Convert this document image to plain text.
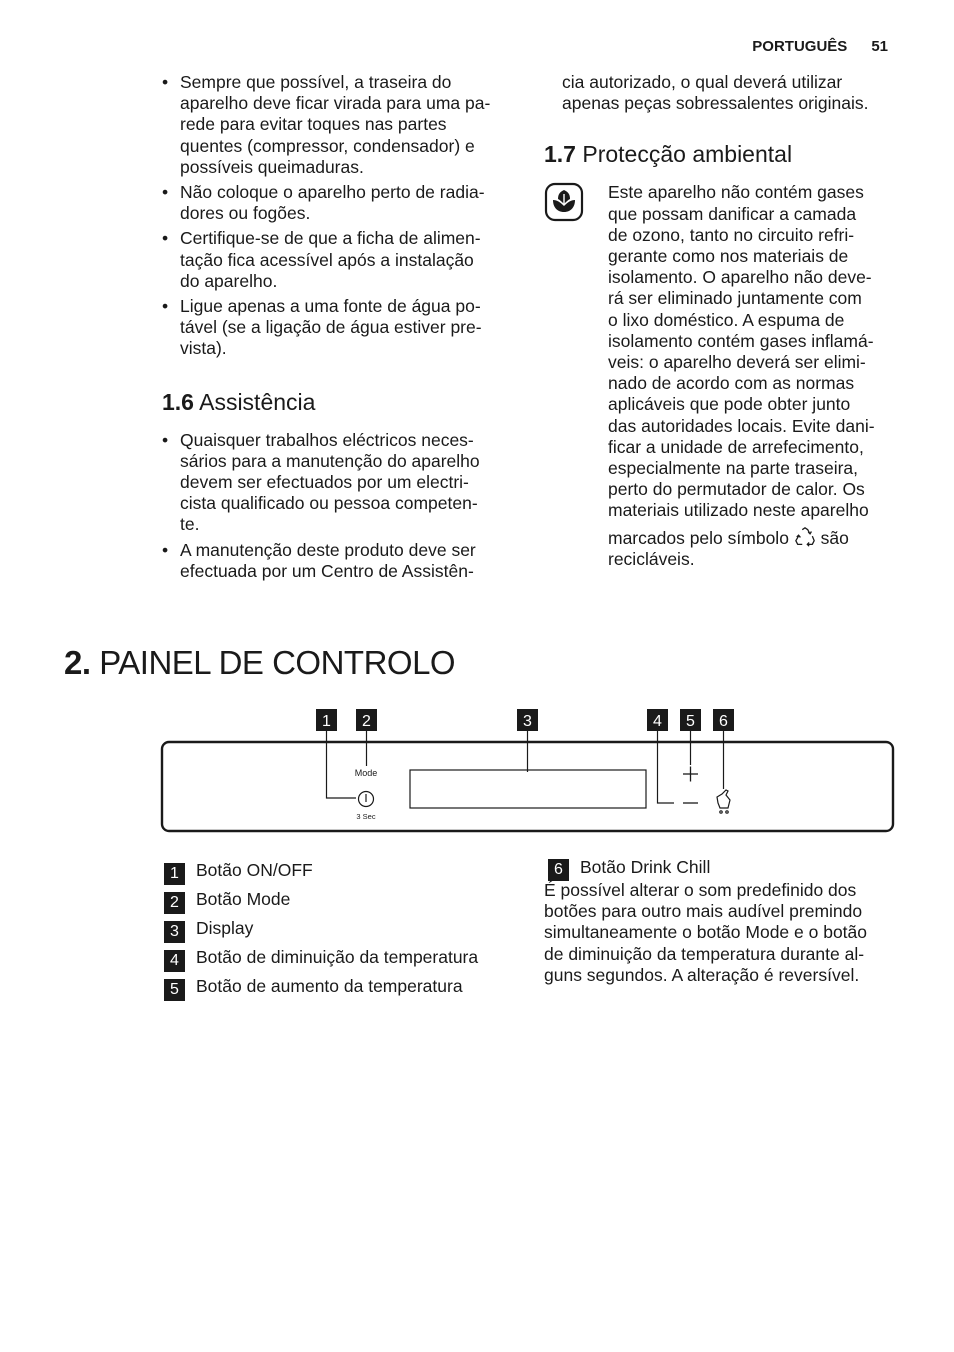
PORTUGUÊS 51
• Sempre que possível, a traseira do
aparelho deve ficar virada para uma pa-
rede para evitar toques nas partes
quentes (compressor, condensador) e
possíveis queimaduras.
• Não coloque o aparelho perto de radia-
dores ou fogões.
• Certifique-se de que a ficha de alimen-
tação fica acessível após a instalação
do aparelho.
• Ligue apenas a uma fonte de água po-
tável (se a ligação de água estiver pre-
vista).
1.6 Assistência
• Quaisquer trabalhos eléctricos neces-
sários para a manutenção do aparelho
devem ser efectuados por um electri-
cista qualificado ou pessoa competen-
te.
• A manutenção deste produto deve ser
efectuada por um Centro de Assistên-
cia autorizado, o qual deverá utilizar
apenas peças sobressalentes originais.
1.7 Protecção ambiental
Este aparelho não contém gases
que possam danificar a camada
de ozono, tanto no circuito refri-
gerante como nos materiais de
isolamento. O aparelho não deve-
rá ser eliminado juntamente com
o lixo doméstico. A espuma de
isolamento contém gases inflamá-
veis: o aparelho deverá ser elimi-
nado de acordo com as normas
aplicáveis que pode obter junto
das autoridades locais. Evite dani-
ficar a unidade de arrefecimento,
especialmente na parte traseira,
perto do permutador de calor. Os
materiais utilizado neste aparelho
marcados pelo símbolo são
recicláveis.
2. PAINEL DE CONTROLO
1 2	3	4 5 6
Mode
3 Sec
1 Botão ON/OFF
2 Botão Mode
3 Display
4 Botão de diminuição da temperatura
5 Botão de aumento da temperatura
6 Botão Drink Chill
É possível alterar o som predefinido dos
botões para outro mais audível premindo
simultaneamente o botão Mode e o botão
de diminuição da temperatura durante al-
guns segundos. A alteração é reversível.
